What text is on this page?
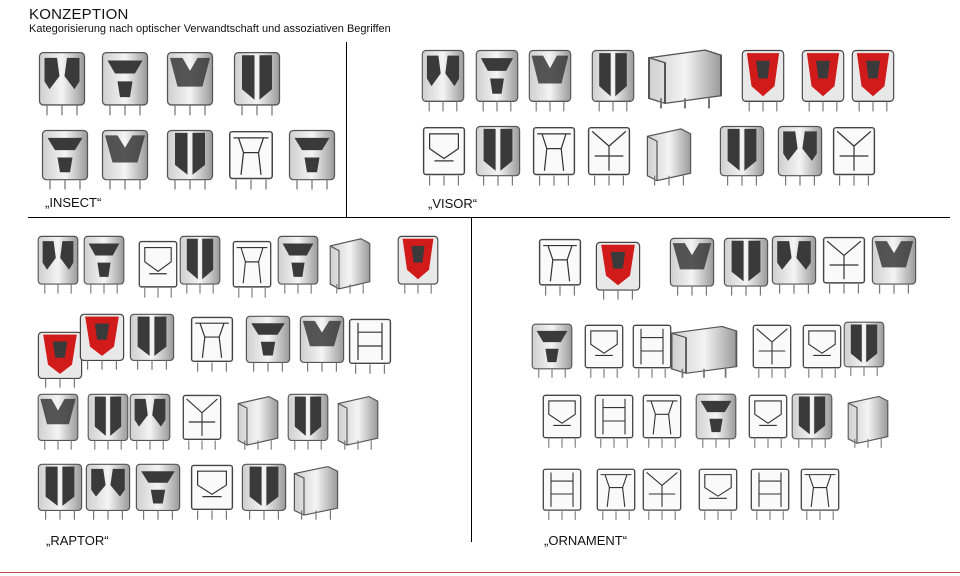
KONZEPTION
Kategorisierung nach optischer Verwandtschaft und assoziativen Begriffen
„INSECT“	„VISOR“
„RAPTOR“	„ORNAMENT“
